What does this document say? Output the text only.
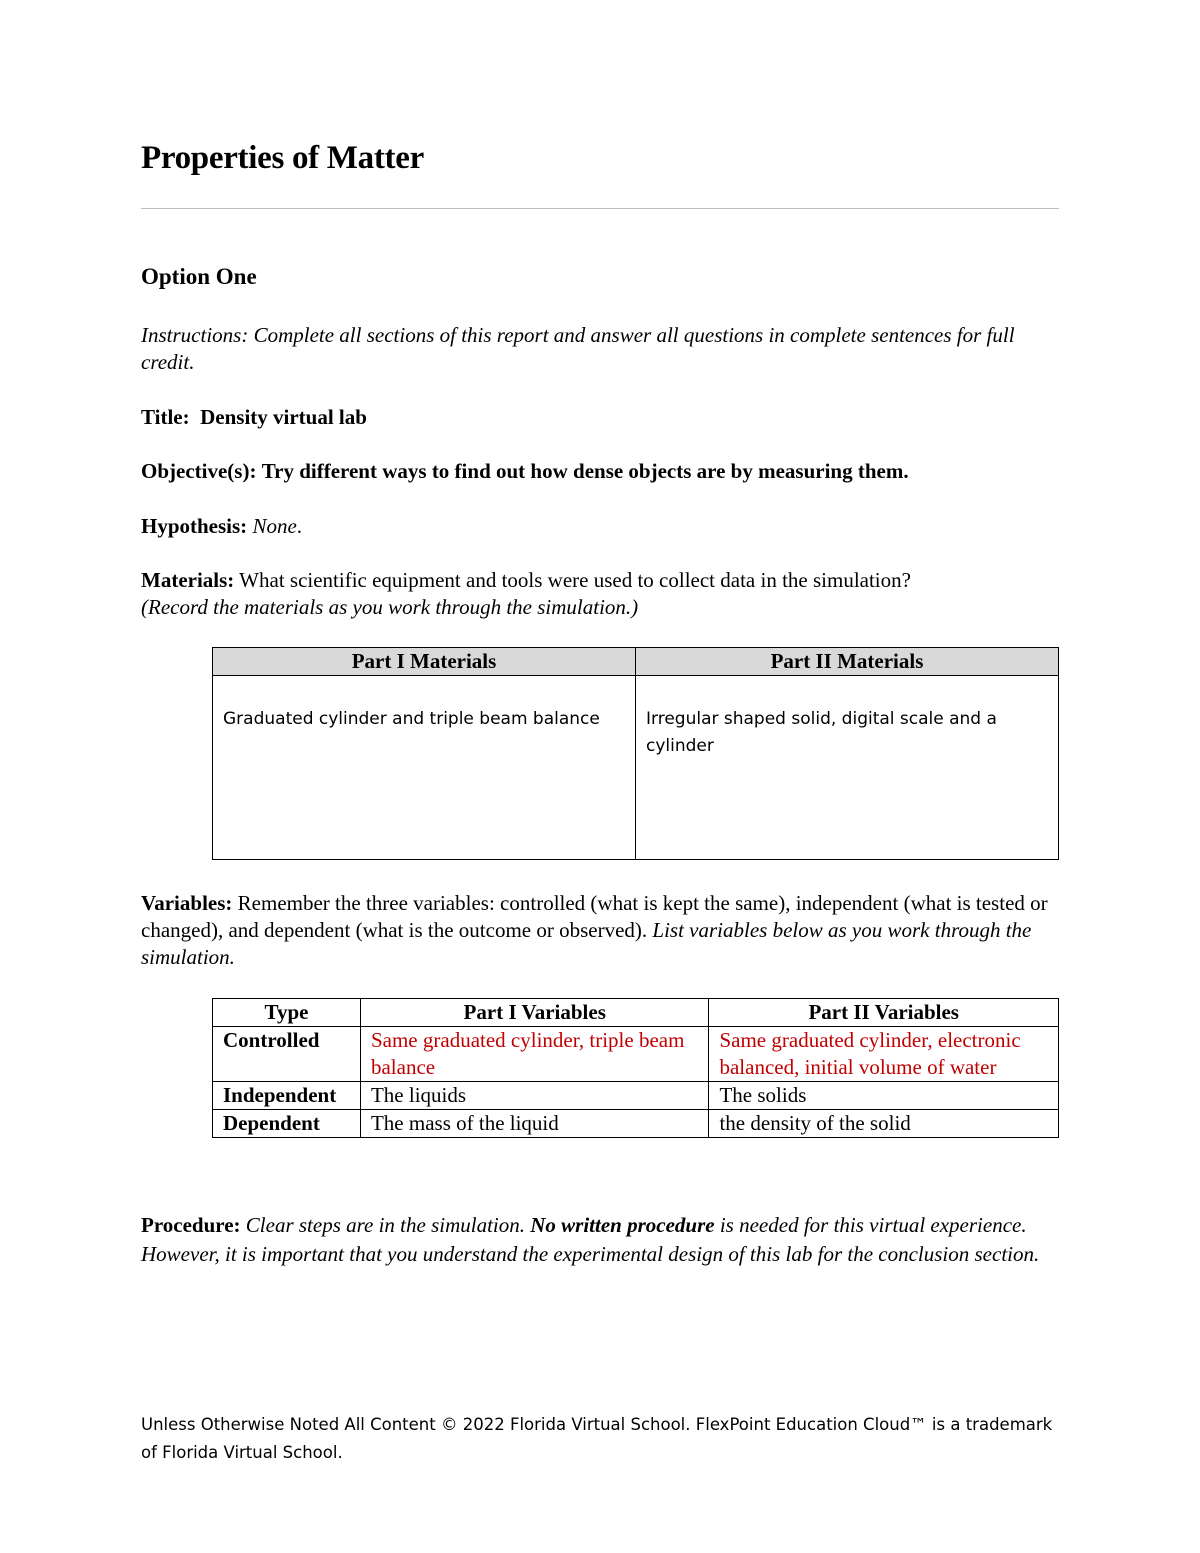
Properties of Matter
Option One
Instructions: Complete all sections of this report and answer all questions in complete sentences for full credit.
Title: Density virtual lab
Objective(s): Try different ways to find out how dense objects are by measuring them.
Hypothesis: None.
Materials: What scientific equipment and tools were used to collect data in the simulation?
(Record the materials as you work through the simulation.)
Part I Materials	Part II Materials
Graduated cylinder and triple beam balance	Irregular shaped solid, digital scale and a cylinder
Variables: Remember the three variables: controlled (what is kept the same), independent (what is tested or changed), and dependent (what is the outcome or observed). List variables below as you work through the simulation.
Type	Part I Variables	Part II Variables
Controlled	Same graduated cylinder, triple beam balance	Same graduated cylinder, electronic balanced, initial volume of water
Independent	The liquids	The solids
Dependent	The mass of the liquid	the density of the solid
Procedure: Clear steps are in the simulation. No written procedure is needed for this virtual experience. However, it is important that you understand the experimental design of this lab for the conclusion section.
Unless Otherwise Noted All Content © 2022 Florida Virtual School. FlexPoint Education Cloud™ is a trademark of Florida Virtual School.
